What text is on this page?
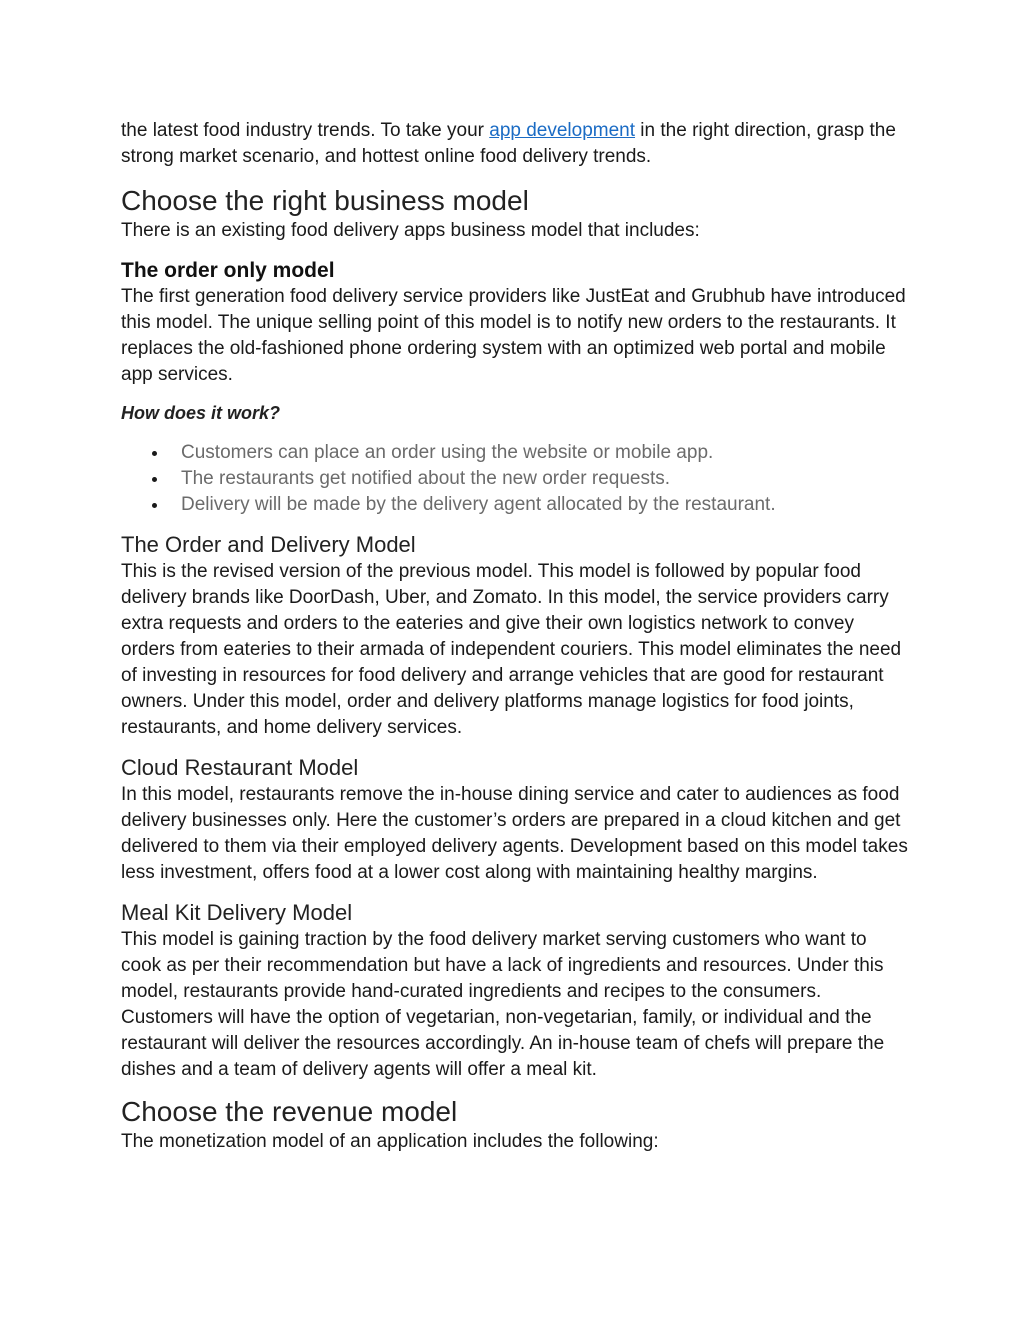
the latest food industry trends. To take your app development in the right direction, grasp the strong market scenario, and hottest online food delivery trends.

Choose the right business model

There is an existing food delivery apps business model that includes:

The order only model

The first generation food delivery service providers like JustEat and Grubhub have introduced this model. The unique selling point of this model is to notify new orders to the restaurants. It replaces the old-fashioned phone ordering system with an optimized web portal and mobile app services.

How does it work?
Customers can place an order using the website or mobile app.
The restaurants get notified about the new order requests.
Delivery will be made by the delivery agent allocated by the restaurant.
The Order and Delivery Model

This is the revised version of the previous model. This model is followed by popular food delivery brands like DoorDash, Uber, and Zomato. In this model, the service providers carry extra requests and orders to the eateries and give their own logistics network to convey orders from eateries to their armada of independent couriers. This model eliminates the need of investing in resources for food delivery and arrange vehicles that are good for restaurant owners. Under this model, order and delivery platforms manage logistics for food joints, restaurants, and home delivery services.

Cloud Restaurant Model

In this model, restaurants remove the in-house dining service and cater to audiences as food delivery businesses only. Here the customer’s orders are prepared in a cloud kitchen and get delivered to them via their employed delivery agents. Development based on this model takes less investment, offers food at a lower cost along with maintaining healthy margins.

Meal Kit Delivery Model

This model is gaining traction by the food delivery market serving customers who want to cook as per their recommendation but have a lack of ingredients and resources. Under this model, restaurants provide hand-curated ingredients and recipes to the consumers. Customers will have the option of vegetarian, non-vegetarian, family, or individual and the restaurant will deliver the resources accordingly. An in-house team of chefs will prepare the dishes and a team of delivery agents will offer a meal kit.

Choose the revenue model

The monetization model of an application includes the following:
